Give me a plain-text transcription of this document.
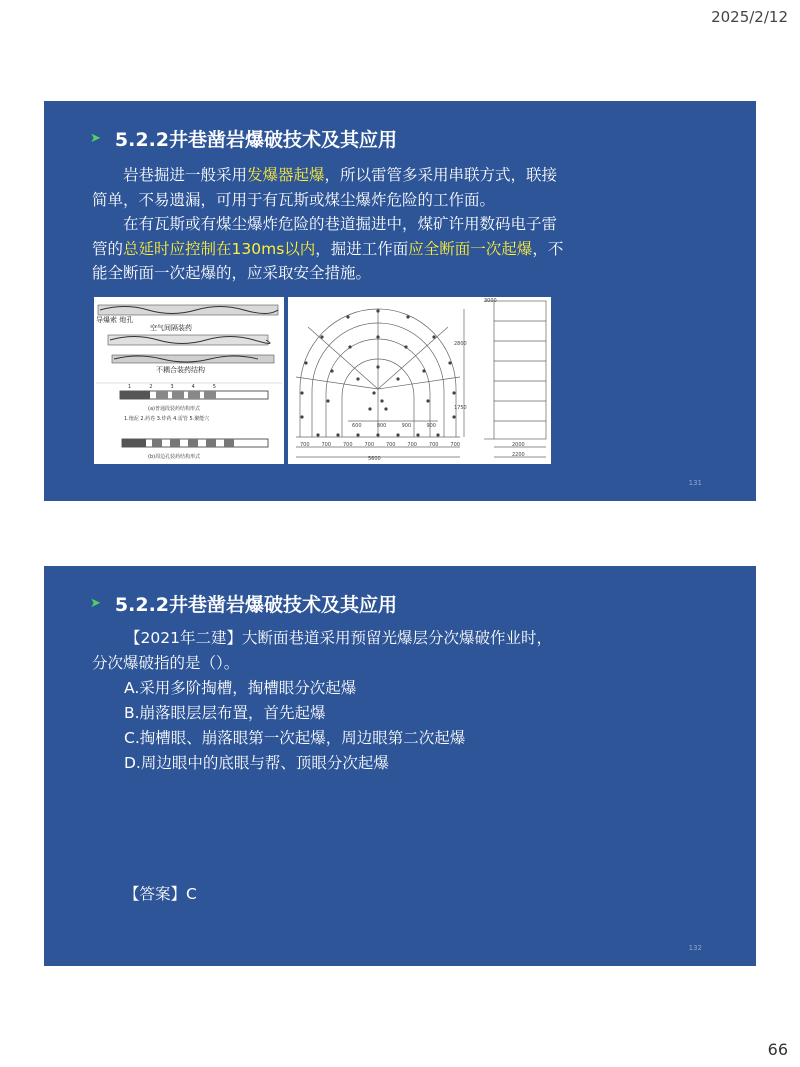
2025/2/12
➤ 5.2.2井巷凿岩爆破技术及其应用

岩巷掘进一般采用发爆器起爆，所以雷管多采用串联方式，联接简单，不易遗漏，可用于有瓦斯或煤尘爆炸危险的工作面。

在有瓦斯或有煤尘爆炸危险的巷道掘进中，煤矿许用数码电子雷管的总延时应控制在130ms以内，掘进工作面应全断面一次起爆，不能全断面一次起爆的，应采取安全措施。

导爆索 炮孔
空气间隔装药
不耦合装药结构
12345
(a)普通段装药结构形式
1.炮泥 2.药卷 3.炸药 4.雷管 5.聚能穴
(b)周边孔装药结构形式	5600
2800
1750
3000
2000
2200
700 700 700 700 700 700 700 700
600	800	900	900
131
➤ 5.2.2井巷凿岩爆破技术及其应用

【2021年二建】大断面巷道采用预留光爆层分次爆破作业时，

分次爆破指的是（）。

A.采用多阶掏槽，掏槽眼分次起爆

B.崩落眼层层布置，首先起爆

C.掏槽眼、崩落眼第一次起爆，周边眼第二次起爆

D.周边眼中的底眼与帮、顶眼分次起爆

【答案】C
132
66
